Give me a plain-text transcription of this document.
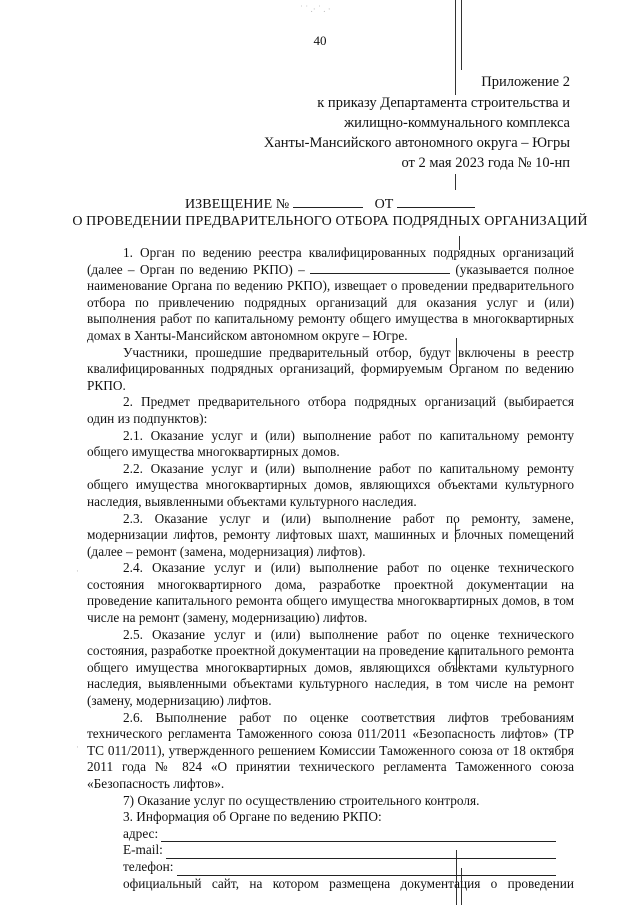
˙ ˙ .· ˙ . ·
·
·
40
Приложение 2
к приказу Департамента строительства и
жилищно-коммунального комплекса
Ханты-Мансийского автономного округа – Югры
от 2 мая 2023 года № 10-нп
ИЗВЕЩЕНИЕ №	ОТ
О ПРОВЕДЕНИИ ПРЕДВАРИТЕЛЬНОГО ОТБОРА ПОДРЯДНЫХ ОРГАНИЗАЦИЙ

1. Орган по ведению реестра квалифицированных подрядных организаций (далее – Орган по ведению РКПО) –	(указывается полное наименование Органа по ведению РКПО), извещает о проведении предварительного отбора по привлечению подрядных организаций для оказания услуг и (или) выполнения работ по капитальному ремонту общего имущества в многоквартирных домах в Ханты-Мансийском автономном округе – Югре.

Участники, прошедшие предварительный отбор, будут включены в реестр квалифицированных подрядных организаций, формируемым Органом по ведению РКПО.

2. Предмет предварительного отбора подрядных организаций (выбирается один из подпунктов):

2.1. Оказание услуг и (или) выполнение работ по капитальному ремонту общего имущества многоквартирных домов.

2.2. Оказание услуг и (или) выполнение работ по капитальному ремонту общего имущества многоквартирных домов, являющихся объектами культурного наследия, выявленными объектами культурного наследия.

2.3. Оказание услуг и (или) выполнение работ по ремонту, замене, модернизации лифтов, ремонту лифтовых шахт, машинных и блочных помещений (далее – ремонт (замена, модернизация) лифтов).

2.4. Оказание услуг и (или) выполнение работ по оценке технического состояния многоквартирного дома, разработке проектной документации на проведение капитального ремонта общего имущества многоквартирных домов, в том числе на ремонт (замену, модернизацию) лифтов.

2.5. Оказание услуг и (или) выполнение работ по оценке технического состояния, разработке проектной документации на проведение капитального ремонта общего имущества многоквартирных домов, являющихся объектами культурного наследия, выявленными объектами культурного наследия, в том числе на ремонт (замену, модернизацию) лифтов.

2.6. Выполнение работ по оценке соответствия лифтов требованиям технического регламента Таможенного союза 011/2011 «Безопасность лифтов» (ТР ТС 011/2011), утвержденного решением Комиссии Таможенного союза от 18 октября 2011 года № 824 «О принятии технического регламента Таможенного союза «Безопасность лифтов».

7) Оказание услуг по осуществлению строительного контроля.

3. Информация об Органе по ведению РКПО:

адрес:
E-mail:
телефон:
официальный сайт, на котором размещена документация о проведении
